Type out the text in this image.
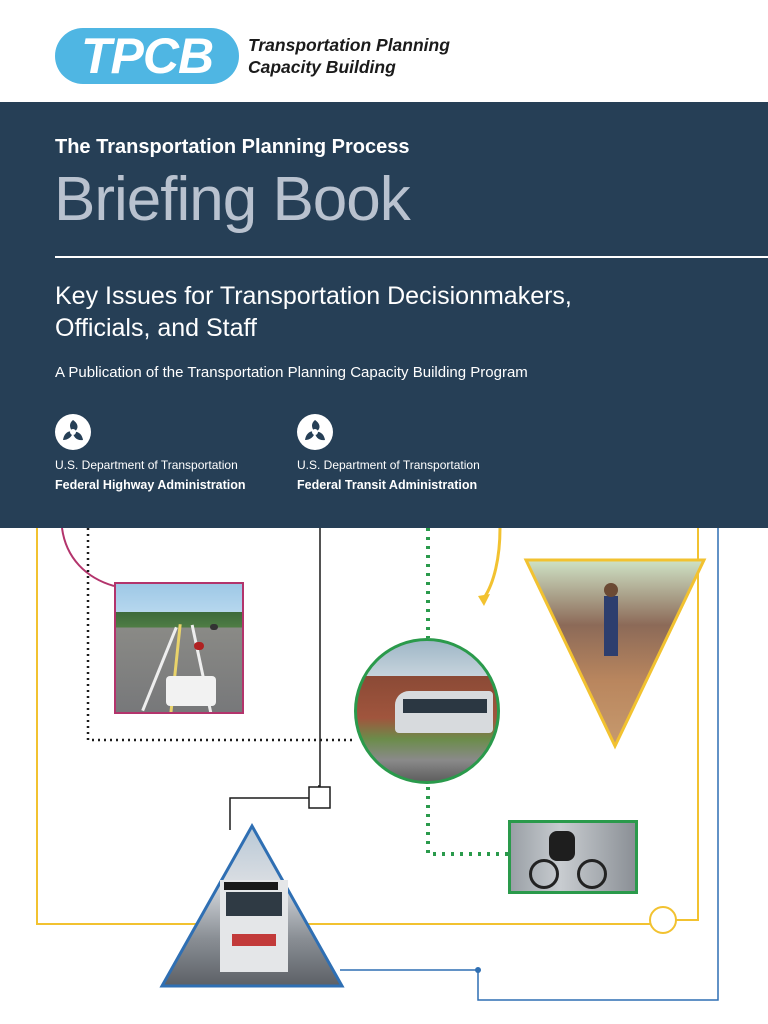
TPCB	Transportation Planning
Capacity Building
The Transportation Planning Process
Briefing Book
Key Issues for Transportation Decisionmakers,
Officials, and Staff
A Publication of the Transportation Planning Capacity Building Program
U.S. Department of Transportation
Federal Highway Administration
U.S. Department of Transportation
Federal Transit Administration
